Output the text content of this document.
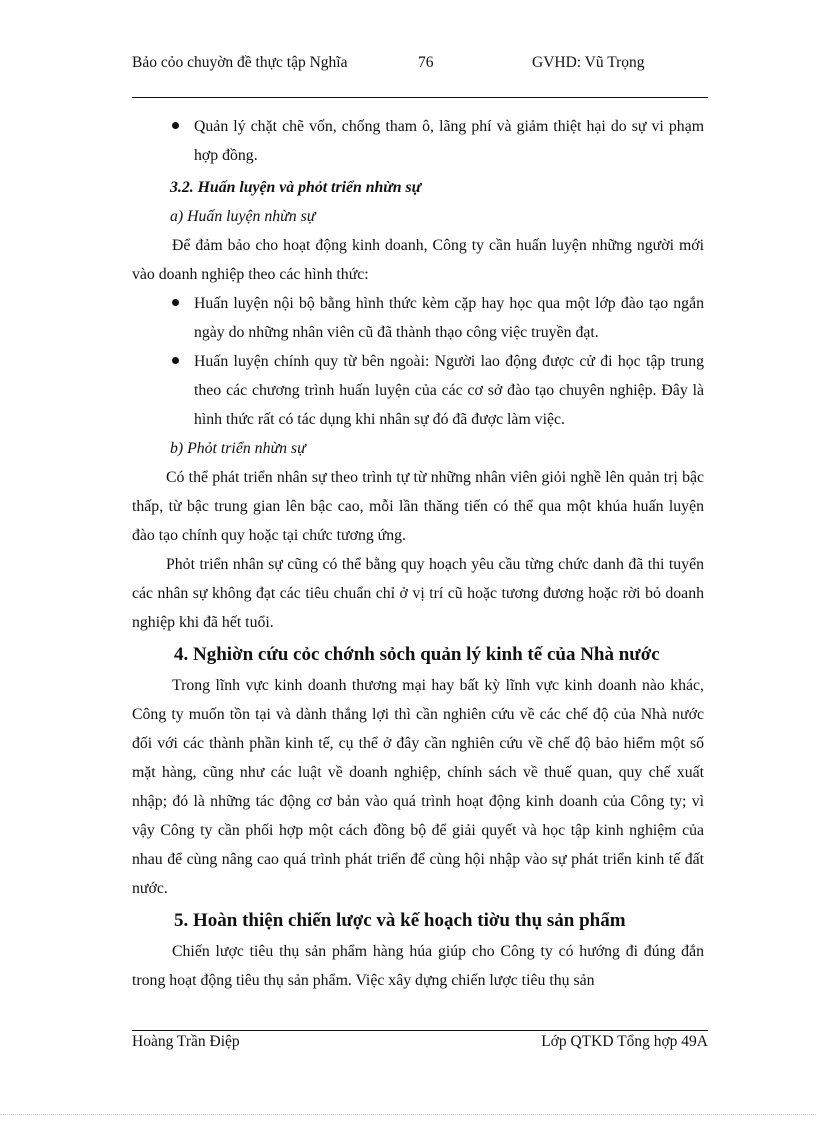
Bảo cỏo chuyờn đề thực tập Nghĩa	76	GVHD: Vũ Trọng

Quản lý chặt chẽ vốn, chống tham ô, lãng phí và giảm thiệt hại do sự vi phạm hợp đồng.

3.2. Huấn luyện và phỏt triển nhừn sự

a) Huấn luyện nhừn sự

Để đảm bảo cho hoạt động kinh doanh, Công ty cần huấn luyện những người mới vào doanh nghiệp theo các hình thức:

Huấn luyện nội bộ bằng hình thức kèm cặp hay học qua một lớp đào tạo ngắn ngày do những nhân viên cũ đã thành thạo công việc truyền đạt.

Huấn luyện chính quy từ bên ngoài: Người lao động được cử đi học tập trung theo các chương trình huấn luyện của các cơ sở đào tạo chuyên nghiệp. Đây là hình thức rất có tác dụng khi nhân sự đó đã được làm việc.

b) Phỏt triển nhừn sự

Có thể phát triển nhân sự theo trình tự từ những nhân viên giỏi nghề lên quản trị bậc thấp, từ bậc trung gian lên bậc cao, mỗi lần thăng tiến có thể qua một khúa huấn luyện đào tạo chính quy hoặc tại chức tương ứng.

Phỏt triển nhân sự cũng có thể bằng quy hoạch yêu cầu từng chức danh đã thi tuyển các nhân sự không đạt các tiêu chuẩn chỉ ở vị trí cũ hoặc tương đương hoặc rời bỏ doanh nghiệp khi đã hết tuổi.

4. Nghiờn cứu cỏc chớnh sỏch quản lý kinh tế của Nhà nước

Trong lĩnh vực kinh doanh thương mại hay bất kỳ lĩnh vực kinh doanh nào khác, Công ty muốn tồn tại và dành thắng lợi thì cần nghiên cứu về các chế độ của Nhà nước đối với các thành phần kinh tế, cụ thể ở đây cần nghiên cứu về chế độ bảo hiểm một số mặt hàng, cũng như các luật về doanh nghiệp, chính sách về thuế quan, quy chế xuất nhập; đó là những tác động cơ bản vào quá trình hoạt động kinh doanh của Công ty; vì vậy Công ty cần phối hợp một cách đồng bộ để giải quyết và học tập kinh nghiệm của nhau để cùng nâng cao quá trình phát triển để cùng hội nhập vào sự phát triển kinh tế đất nước.

5. Hoàn thiện chiến lược và kế hoạch tiờu thụ sản phẩm

Chiến lược tiêu thụ sản phẩm hàng húa giúp cho Công ty có hướng đi đúng đắn trong hoạt động tiêu thụ sản phẩm. Việc xây dựng chiến lược tiêu thụ sản

Hoàng Trần Điệp	Lớp QTKD Tổng hợp 49A
